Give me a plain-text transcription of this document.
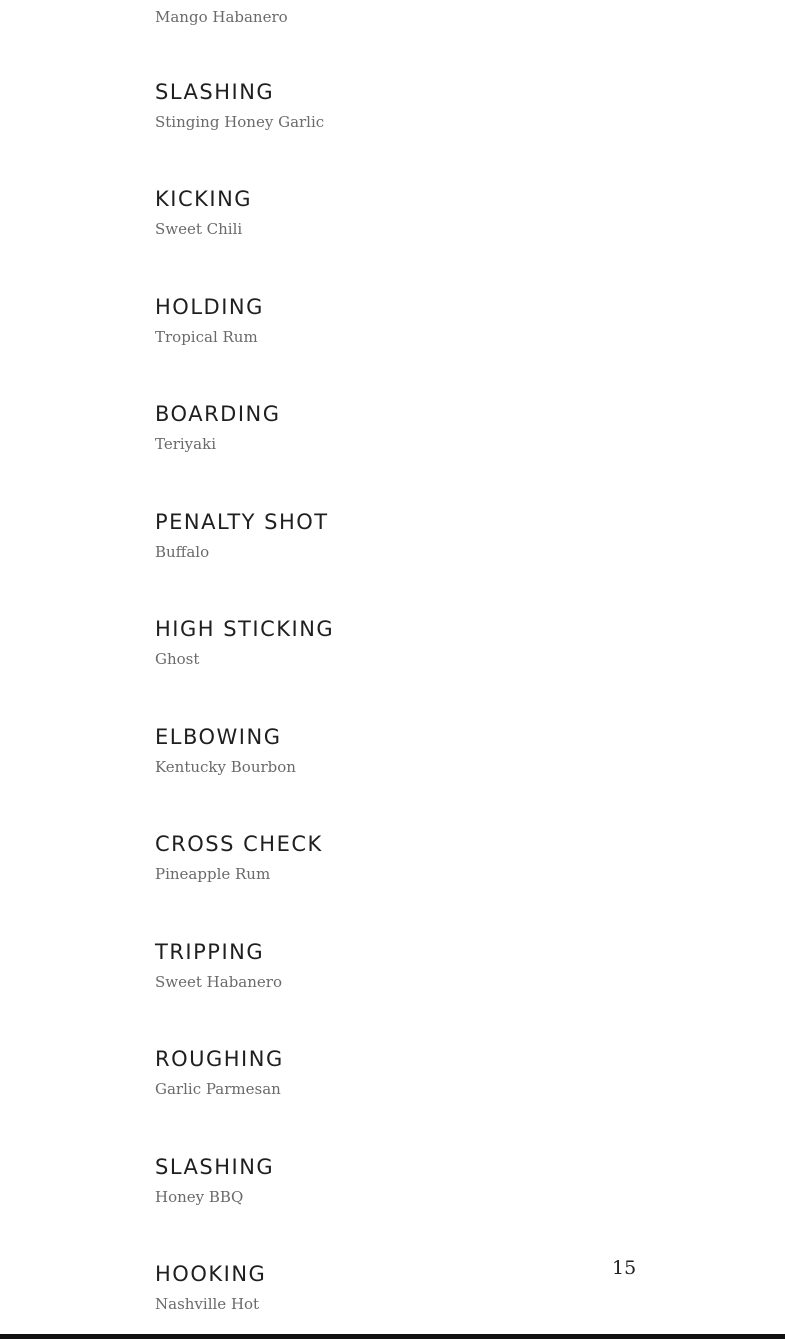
Mango Habanero
SLASHING
Stinging Honey Garlic
KICKING
Sweet Chili
HOLDING
Tropical Rum
BOARDING
Teriyaki
PENALTY SHOT
Buffalo
HIGH STICKING
Ghost
ELBOWING
Kentucky Bourbon
CROSS CHECK
Pineapple Rum
TRIPPING
Sweet Habanero
ROUGHING
Garlic Parmesan
SLASHING
Honey BBQ
HOOKING
Nashville Hot
15
